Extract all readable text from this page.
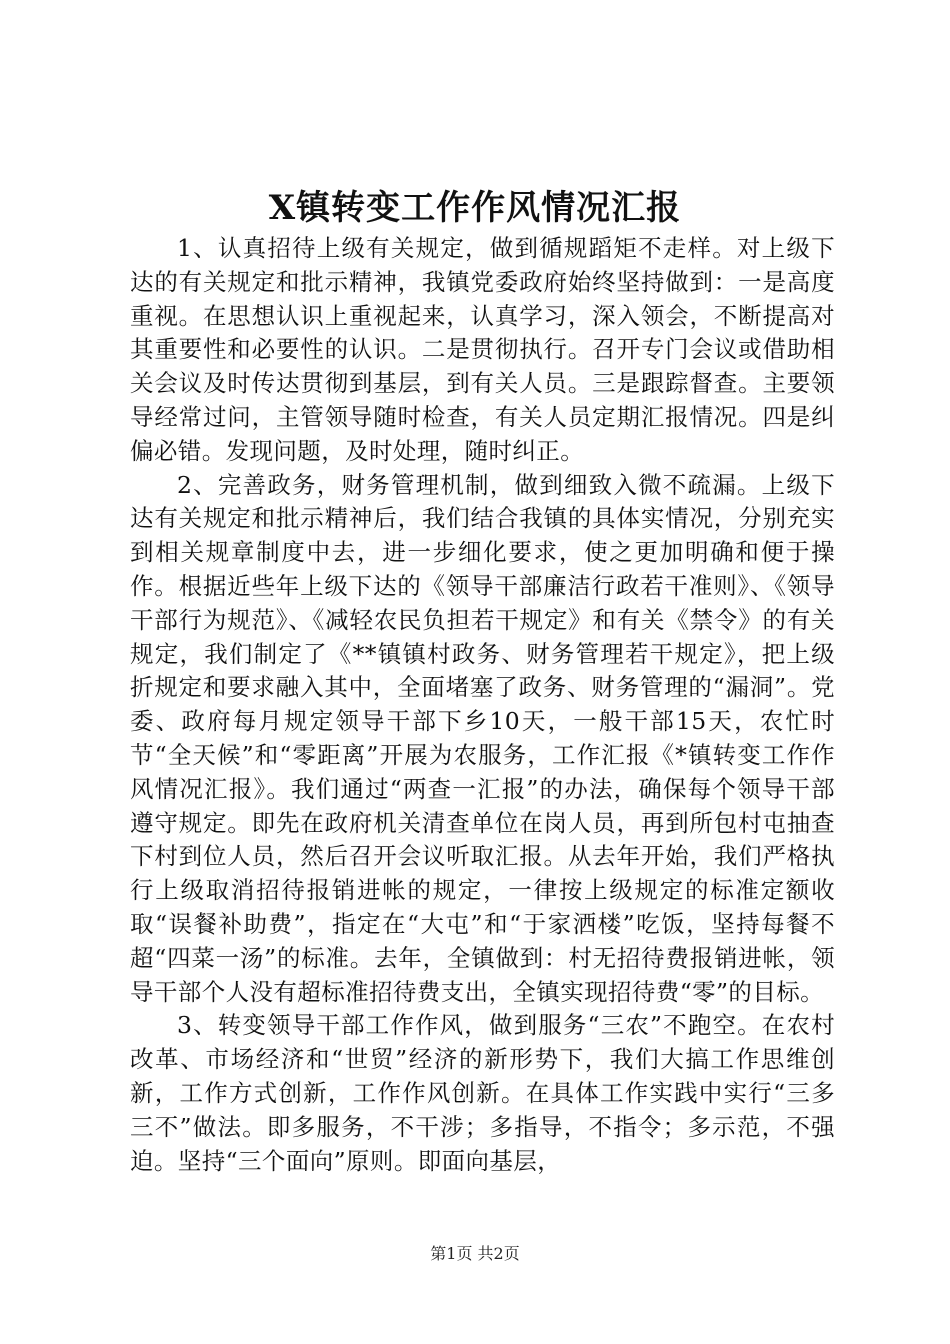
X镇转变工作作风情况汇报

1、认真招待上级有关规定，做到循规蹈矩不走样。对上级下达的有关规定和批示精神，我镇党委政府始终坚持做到：一是高度重视。在思想认识上重视起来，认真学习，深入领会，不断提高对其重要性和必要性的认识。二是贯彻执行。召开专门会议或借助相关会议及时传达贯彻到基层，到有关人员。三是跟踪督查。主要领导经常过问，主管领导随时检查，有关人员定期汇报情况。四是纠偏必错。发现问题，及时处理，随时纠正。

2、完善政务，财务管理机制，做到细致入微不疏漏。上级下达有关规定和批示精神后，我们结合我镇的具体实情况，分别充实到相关规章制度中去，进一步细化要求，使之更加明确和便于操作。根据近些年上级下达的《领导干部廉洁行政若干准则》、《领导干部行为规范》、《减轻农民负担若干规定》和有关《禁令》的有关规定，我们制定了《**镇镇村政务、财务管理若干规定》，把上级折规定和要求融入其中，全面堵塞了政务、财务管理的“漏洞”。党委、政府每月规定领导干部下乡10天，一般干部15天，农忙时节“全天候”和“零距离”开展为农服务，工作汇报《*镇转变工作作风情况汇报》。我们通过“两查一汇报”的办法，确保每个领导干部遵守规定。即先在政府机关清查单位在岗人员，再到所包村屯抽查下村到位人员，然后召开会议听取汇报。从去年开始，我们严格执行上级取消招待报销进帐的规定，一律按上级规定的标准定额收取“误餐补助费”，指定在“大屯”和“于家洒楼”吃饭，坚持每餐不超“四菜一汤”的标准。去年，全镇做到：村无招待费报销进帐，领导干部个人没有超标准招待费支出，全镇实现招待费“零”的目标。

3、转变领导干部工作作风，做到服务“三农”不跑空。在农村改革、市场经济和“世贸”经济的新形势下，我们大搞工作思维创新，工作方式创新，工作作风创新。在具体工作实践中实行“三多三不”做法。即多服务，不干涉；多指导，不指令；多示范，不强迫。坚持“三个面向”原则。即面向基层，

第1页 共2页
